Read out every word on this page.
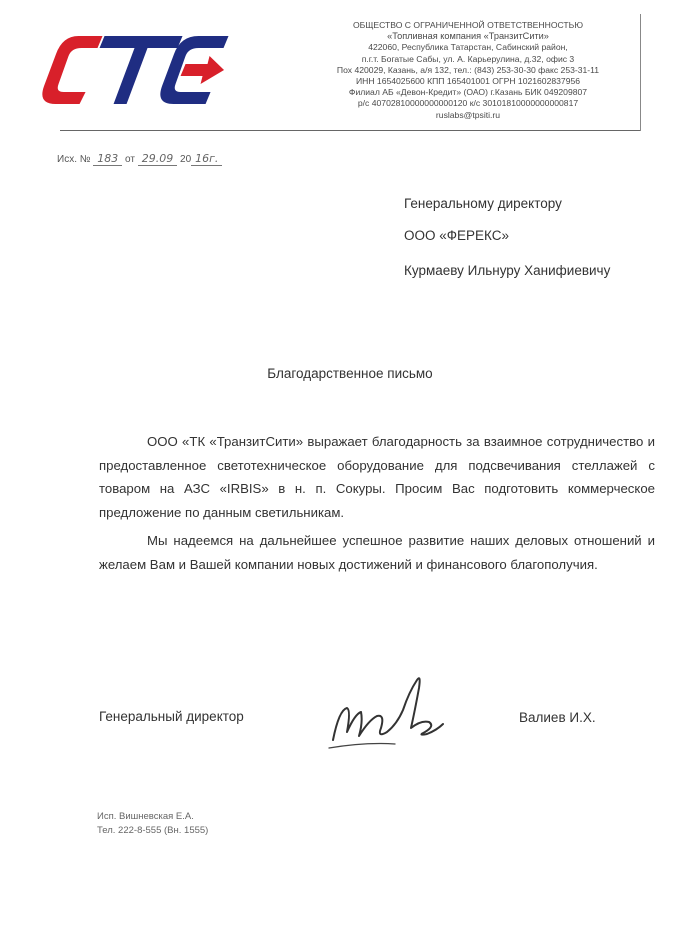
ОБЩЕСТВО С ОГРАНИЧЕННОЙ ОТВЕТСТВЕННОСТЬЮ
«Топливная компания «ТранзитСити»
422060, Республика Татарстан, Сабинский район,
п.г.т. Богатые Сабы, ул. А. Карьерулина, д.32, офис 3
Пох 420029, Казань, а/я 132, тел.: (843) 253-30-30 факс 253-31-11
ИНН 1654025600 КПП 165401001 ОГРН 1021602837956
Филиал АБ «Девон-Кредит» (ОАО) г.Казань БИК 049209807
р/с 40702810000000000120 к/с 30101810000000000817
ruslabs@tpsiti.ru
Исх. № 183 от 29.09 20 16г.
Генеральному директору
ООО «ФЕРЕКС»
Курмаеву Ильнуру Ханифиевичу
Благодарственное письмо
ООО «ТК «ТранзитСити» выражает благодарность за взаимное сотрудничество и предоставленное светотехническое оборудование для подсвечивания стеллажей с товаром на АЗС «IRBIS» в н. п. Сокуры. Просим Вас подготовить коммерческое предложение по данным светильникам.
Мы надеемся на дальнейшее успешное развитие наших деловых отношений и желаем Вам и Вашей компании новых достижений и финансового благополучия.
Генеральный директор	Валиев И.Х.
Исп. Вишневская Е.А.
Тел. 222-8-555 (Вн. 1555)
